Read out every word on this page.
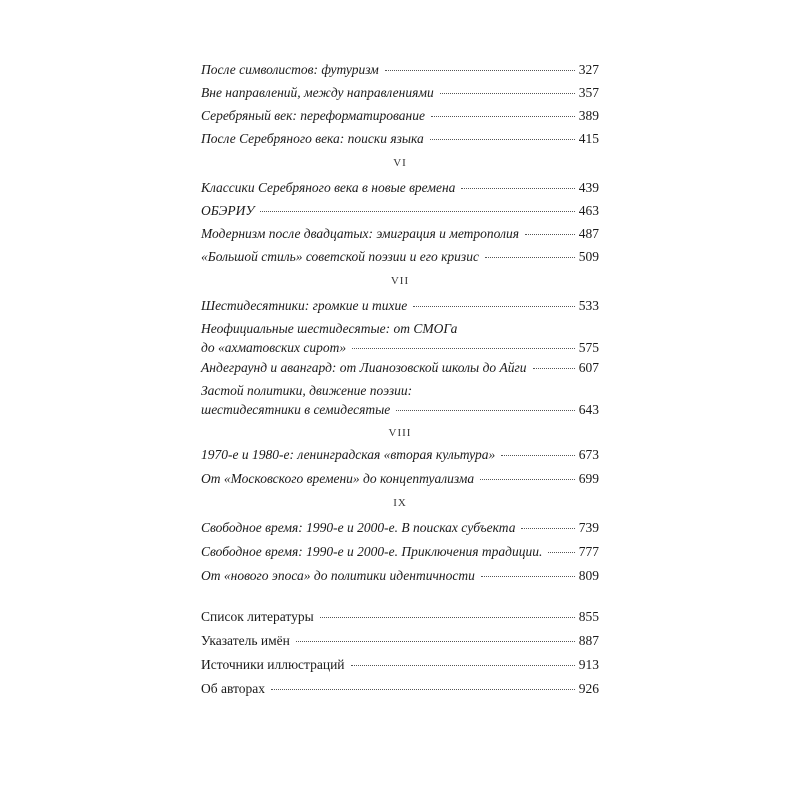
После символистов: футуризм	327
Вне направлений, между направлениями	357
Серебряный век: переформатирование	389
После Серебряного века: поиски языка	415
VI
Классики Серебряного века в новые времена	439
ОБЭРИУ	463
Модернизм после двадцатых: эмиграция и метрополия	487
«Большой стиль» советской поэзии и его кризис	509
VII
Шестидесятники: громкие и тихие	533
Неофициальные шестидесятые: от СМОГа
до «ахматовских сирот»	575
Андеграунд и авангард: от Лианозовской школы до Айги	607
Застой политики, движение поэзии:
шестидесятники в семидесятые	643
VIII
1970-е и 1980-е: ленинградская «вторая культура»	673
От «Московского времени» до концептуализма	699
IX
Свободное время: 1990-е и 2000-е. В поисках субъекта	739
Свободное время: 1990-е и 2000-е. Приключения традиции.	777
От «нового эпоса» до политики идентичности	809
Список литературы	855
Указатель имён	887
Источники иллюстраций	913
Об авторах	926
